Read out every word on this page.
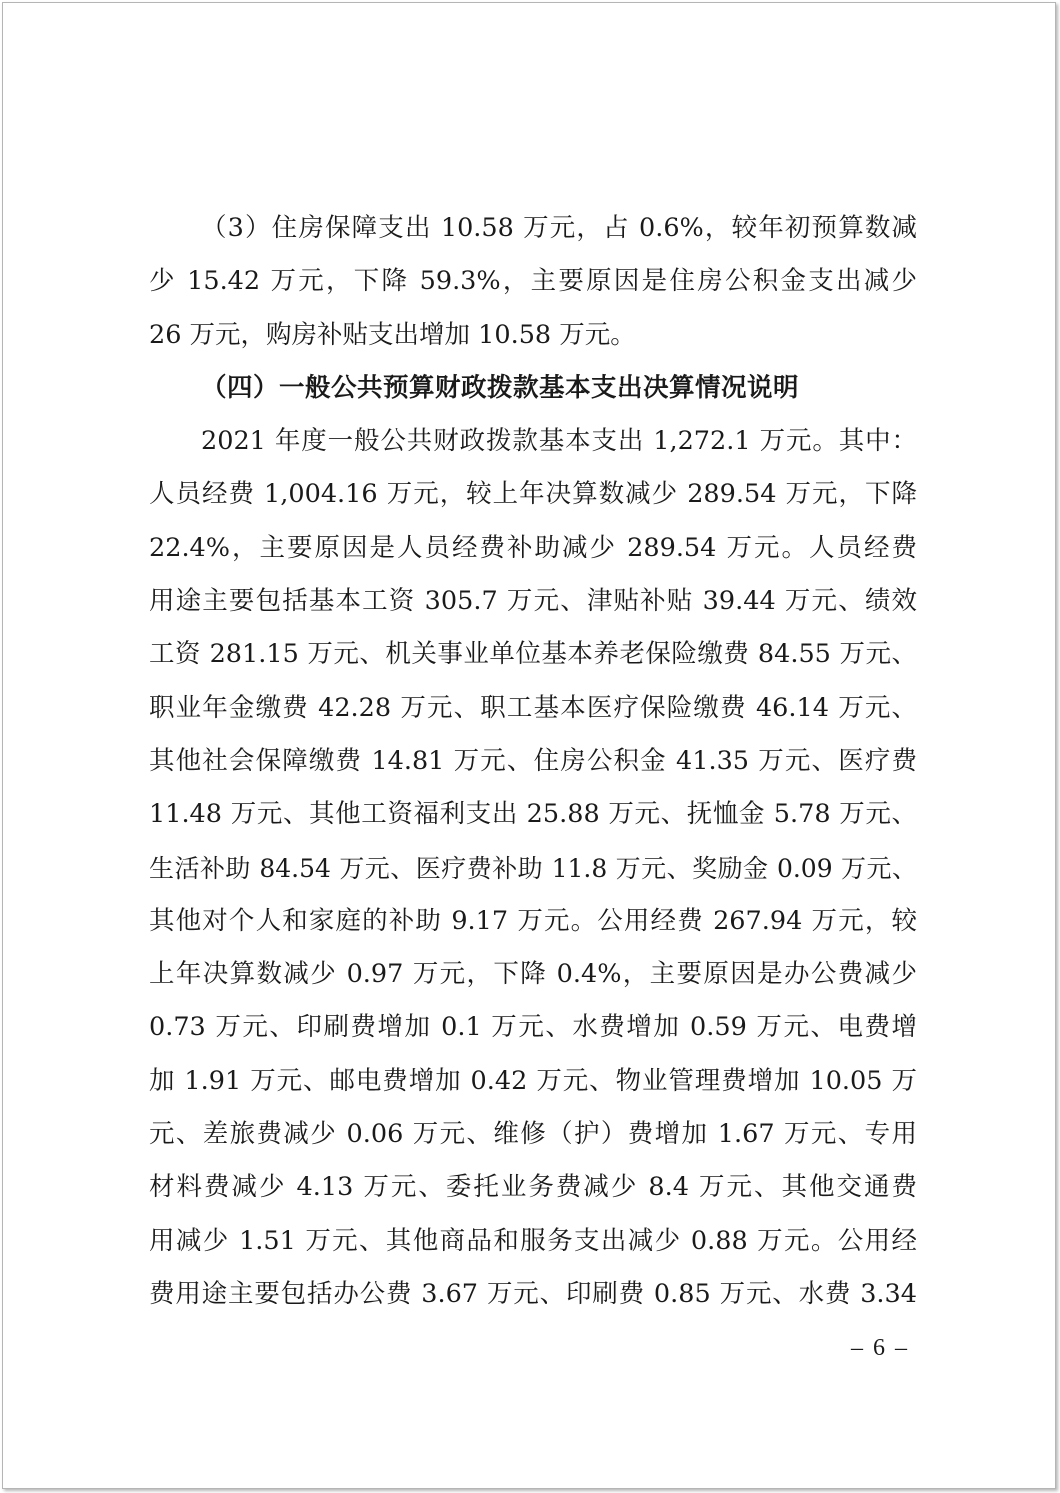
（3）住房保障支出 10.58 万元，占 0.6%，较年初预算数减
少 15.42 万元，下降 59.3%，主要原因是住房公积金支出减少
26 万元，购房补贴支出增加 10.58 万元。
（四）一般公共预算财政拨款基本支出决算情况说明
2021 年度一般公共财政拨款基本支出 1,272.1 万元。其中：
人员经费 1,004.16 万元，较上年决算数减少 289.54 万元，下降
22.4%，主要原因是人员经费补助减少 289.54 万元。人员经费
用途主要包括基本工资 305.7 万元、津贴补贴 39.44 万元、绩效
工资 281.15 万元、机关事业单位基本养老保险缴费 84.55 万元、
职业年金缴费 42.28 万元、职工基本医疗保险缴费 46.14 万元、
其他社会保障缴费 14.81 万元、住房公积金 41.35 万元、医疗费
11.48 万元、其他工资福利支出 25.88 万元、抚恤金 5.78 万元、
生活补助 84.54 万元、医疗费补助 11.8 万元、奖励金 0.09 万元、
其他对个人和家庭的补助 9.17 万元。公用经费 267.94 万元，较
上年决算数减少 0.97 万元，下降 0.4%，主要原因是办公费减少
0.73 万元、印刷费增加 0.1 万元、水费增加 0.59 万元、电费增
加 1.91 万元、邮电费增加 0.42 万元、物业管理费增加 10.05 万
元、差旅费减少 0.06 万元、维修（护）费增加 1.67 万元、专用
材料费减少 4.13 万元、委托业务费减少 8.4 万元、其他交通费
用减少 1.51 万元、其他商品和服务支出减少 0.88 万元。公用经
费用途主要包括办公费 3.67 万元、印刷费 0.85 万元、水费 3.34
– 6 –
